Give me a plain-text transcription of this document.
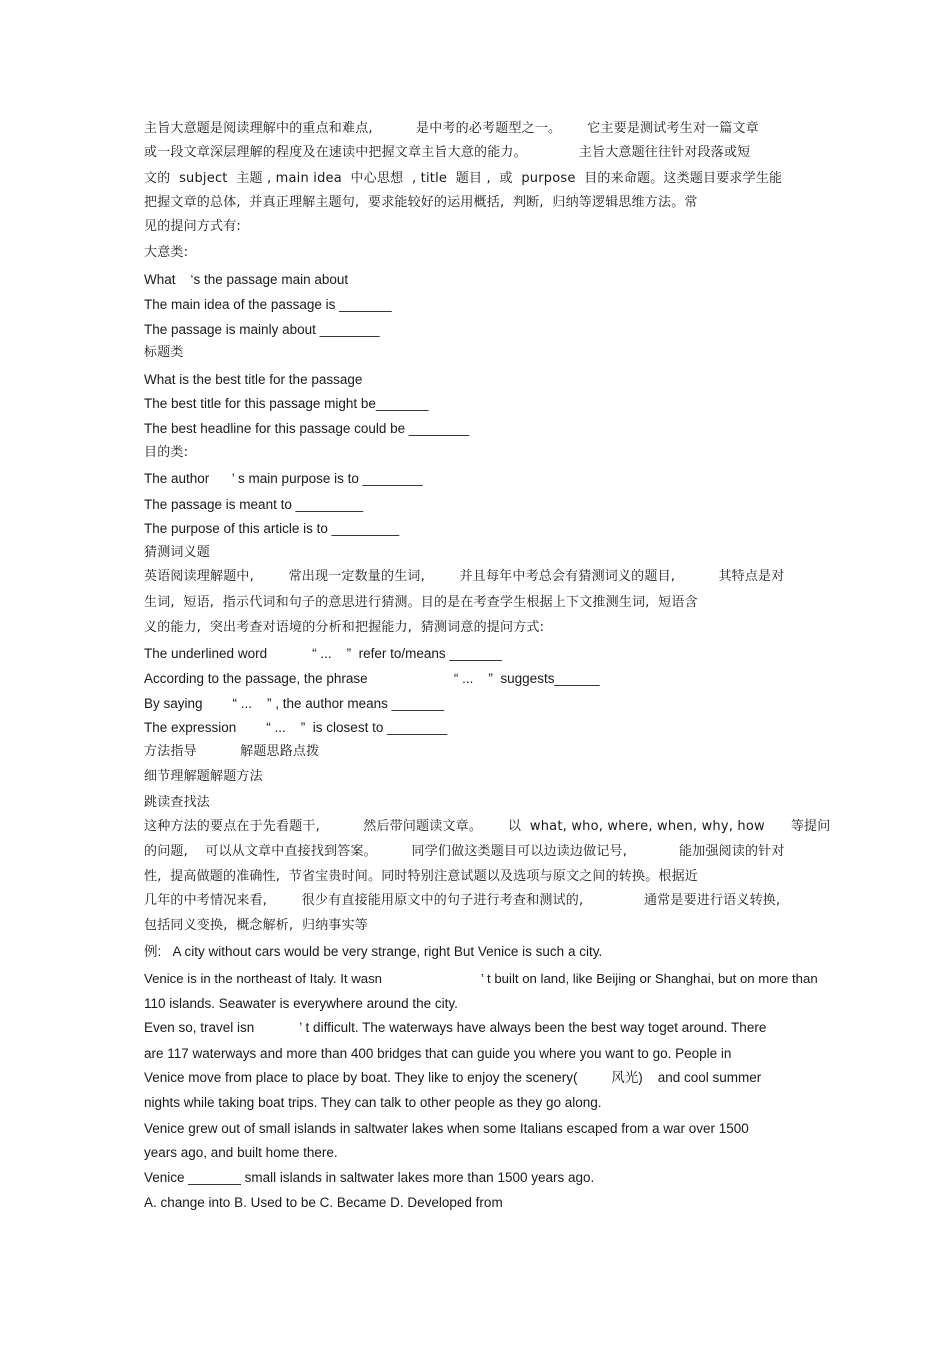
主旨大意题是阅读理解中的重点和难点,          是中考的必考题型之一。      它主要是测试考生对一篇文章
或一段文章深层理解的程度及在速读中把握文章主旨大意的能力。            主旨大意题往往针对段落或短
文的  subject  主题 , main idea  中心思想  , title  题目 ,  或  purpose  目的来命题。这类题目要求学生能
把握文章的总体,  并真正理解主题句,  要求能较好的运用概括,  判断,  归纳等逻辑思维方法。常
见的提问方式有:
大意类:
What    ‘s the passage main about
The main idea of the passage is _______
The passage is mainly about ________
标题类
What is the best title for the passage
The best title for this passage might be_______
The best headline for this passage could be ________
目的类:
The author      ’ s main purpose is to ________
The passage is meant to _________
The purpose of this article is to _________
猜测词义题
英语阅读理解题中,        常出现一定数量的生词,        并且每年中考总会有猜测词义的题目,          其特点是对
生词,  短语,  指示代词和句子的意思进行猜测。目的是在考查学生根据上下文推测生词,  短语含
义的能力,  突出考查对语境的分析和把握能力,  猜测词意的提问方式:
The underlined word            “ ...    ”  refer to/means _______
According to the passage, the phrase                       “ ...    ”  suggests______
By saying        “ ...    ” , the author means _______
The expression        “ ...    ”  is closest to ________
方法指导          解题思路点拨
细节理解题解题方法
跳读查找法
这种方法的要点在于先看题干,          然后带问题读文章。      以  what, who, where, when, why, how      等提问
的问题,    可以从文章中直接找到答案。        同学们做这类题目可以边读边做记号,            能加强阅读的针对
性,  提高做题的准确性,  节省宝贵时间。同时特别注意试题以及选项与原文之间的转换。根据近
几年的中考情况来看,        很少有直接能用原文中的句子进行考查和测试的,              通常是要进行语义转换,
包括同义变换,  概念解析,  归纳事实等
例:   A city without cars would be very strange, right But Venice is such a city.
Venice is in the northeast of Italy. It wasn                           ’ t built on land, like Beijing or Shanghai, but on more than
110 islands. Seawater is everywhere around the city.
Even so, travel isn            ’ t difficult. The waterways have always been the best way toget around. There
are 117 waterways and more than 400 bridges that can guide you where you want to go. People in
Venice move from place to place by boat. They like to enjoy the scenery(         风光)    and cool summer
nights while taking boat trips. They can talk to other people as they go along.
Venice grew out of small islands in saltwater lakes when some Italians escaped from a war over 1500
years ago, and built home there.
Venice _______ small islands in saltwater lakes more than 1500 years ago.
A. change into B. Used to be C. Became D. Developed from
